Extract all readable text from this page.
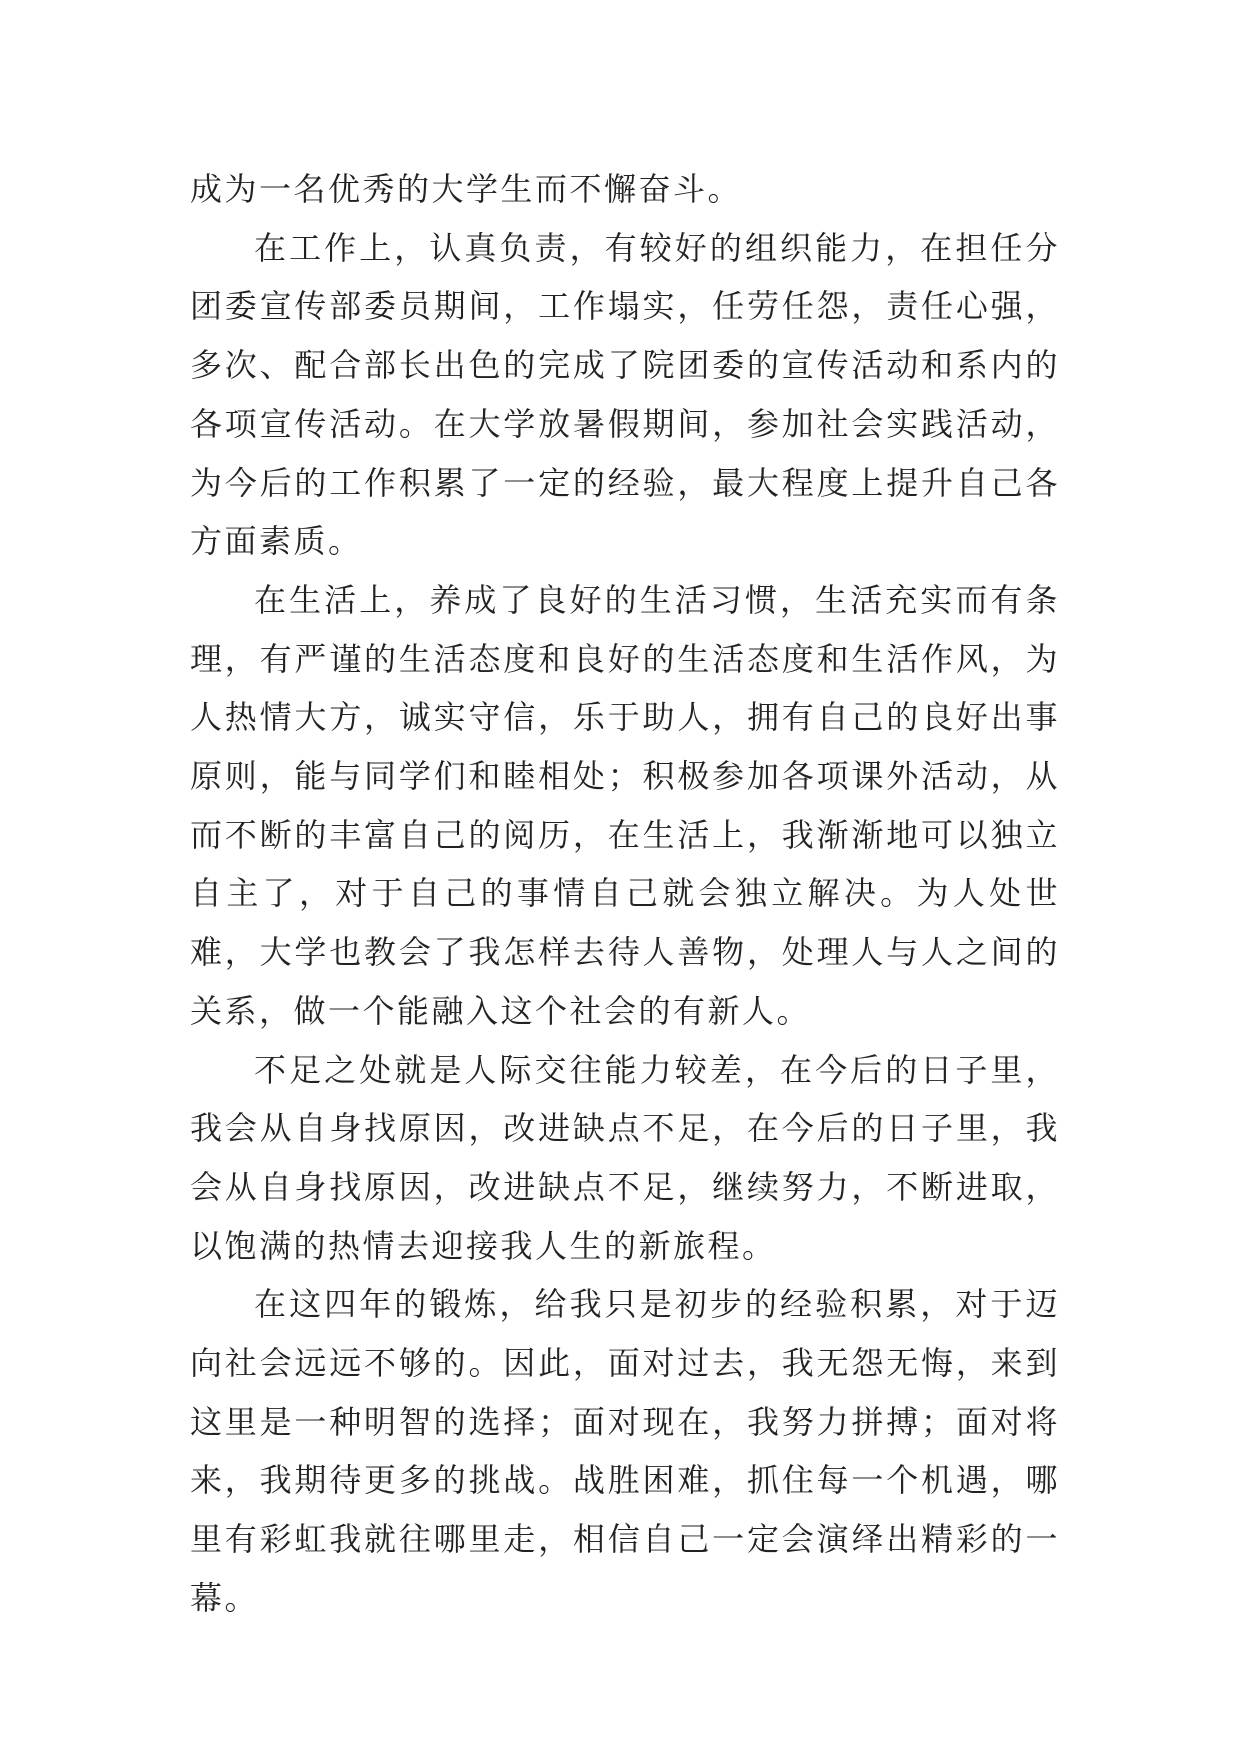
成为一名优秀的大学生而不懈奋斗。

在工作上，认真负责，有较好的组织能力，在担任分团委宣传部委员期间，工作塌实，任劳任怨，责任心强，多次、配合部长出色的完成了院团委的宣传活动和系内的各项宣传活动。在大学放暑假期间，参加社会实践活动，为今后的工作积累了一定的经验，最大程度上提升自己各方面素质。

在生活上，养成了良好的生活习惯，生活充实而有条理，有严谨的生活态度和良好的生活态度和生活作风，为人热情大方，诚实守信，乐于助人，拥有自己的良好出事原则，能与同学们和睦相处；积极参加各项课外活动，从而不断的丰富自己的阅历，在生活上，我渐渐地可以独立自主了，对于自己的事情自己就会独立解决。为人处世难，大学也教会了我怎样去待人善物，处理人与人之间的关系，做一个能融入这个社会的有新人。

不足之处就是人际交往能力较差，在今后的日子里，我会从自身找原因，改进缺点不足，在今后的日子里，我会从自身找原因，改进缺点不足，继续努力，不断进取，以饱满的热情去迎接我人生的新旅程。

在这四年的锻炼，给我只是初步的经验积累，对于迈向社会远远不够的。因此，面对过去，我无怨无悔，来到这里是一种明智的选择；面对现在，我努力拼搏；面对将来，我期待更多的挑战。战胜困难，抓住每一个机遇，哪里有彩虹我就往哪里走，相信自己一定会演绎出精彩的一幕。
